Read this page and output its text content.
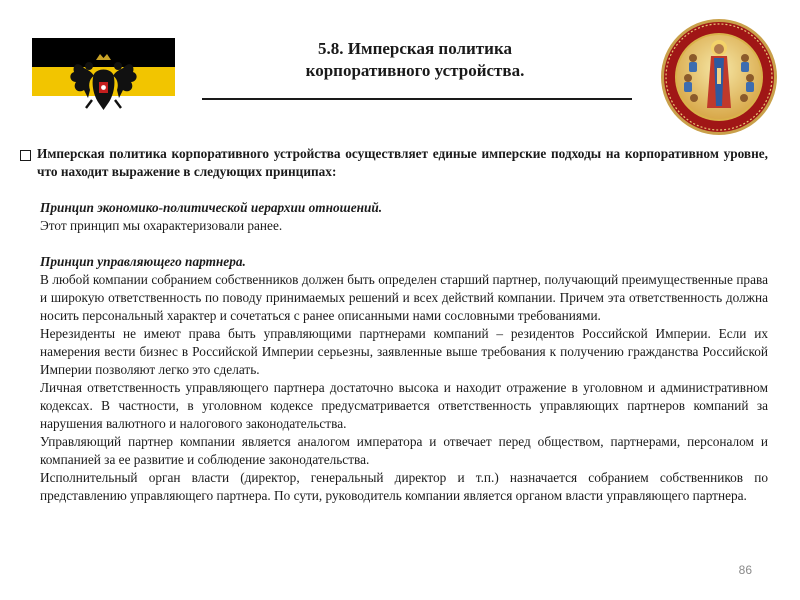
5.8. Имперская политика
корпоративного устройства.
Имперская политика корпоративного устройства осуществляет единые имперские подходы на корпоративном уровне, что находит выражение в следующих принципах:
Принцип экономико-политической иерархии отношений.
Этот принцип мы охарактеризовали ранее.
Принцип управляющего партнера.
В любой компании собранием собственников должен быть определен старший партнер, получающий преимущественные права и широкую ответственность по поводу принимаемых решений и всех действий компании. Причем эта ответственность должна носить персональный характер и сочетаться с ранее описанными нами сословными требованиями.
Нерезиденты не имеют права быть управляющими партнерами компаний – резидентов Российской Империи. Если их намерения вести бизнес в Российской Империи серьезны, заявленные выше требования к получению гражданства Российской Империи позволяют легко это сделать.
Личная ответственность управляющего партнера достаточно высока и находит отражение в уголовном и административном кодексах. В частности, в уголовном кодексе предусматривается ответственность управляющих партнеров компаний за нарушения валютного и налогового законодательства.
Управляющий партнер компании является аналогом императора и отвечает перед обществом, партнерами, персоналом и компанией за ее развитие и соблюдение законодательства.
Исполнительный орган власти (директор, генеральный директор и т.п.) назначается собранием собственников по представлению управляющего партнера. По сути, руководитель компании является органом власти управляющего партнера.
86
